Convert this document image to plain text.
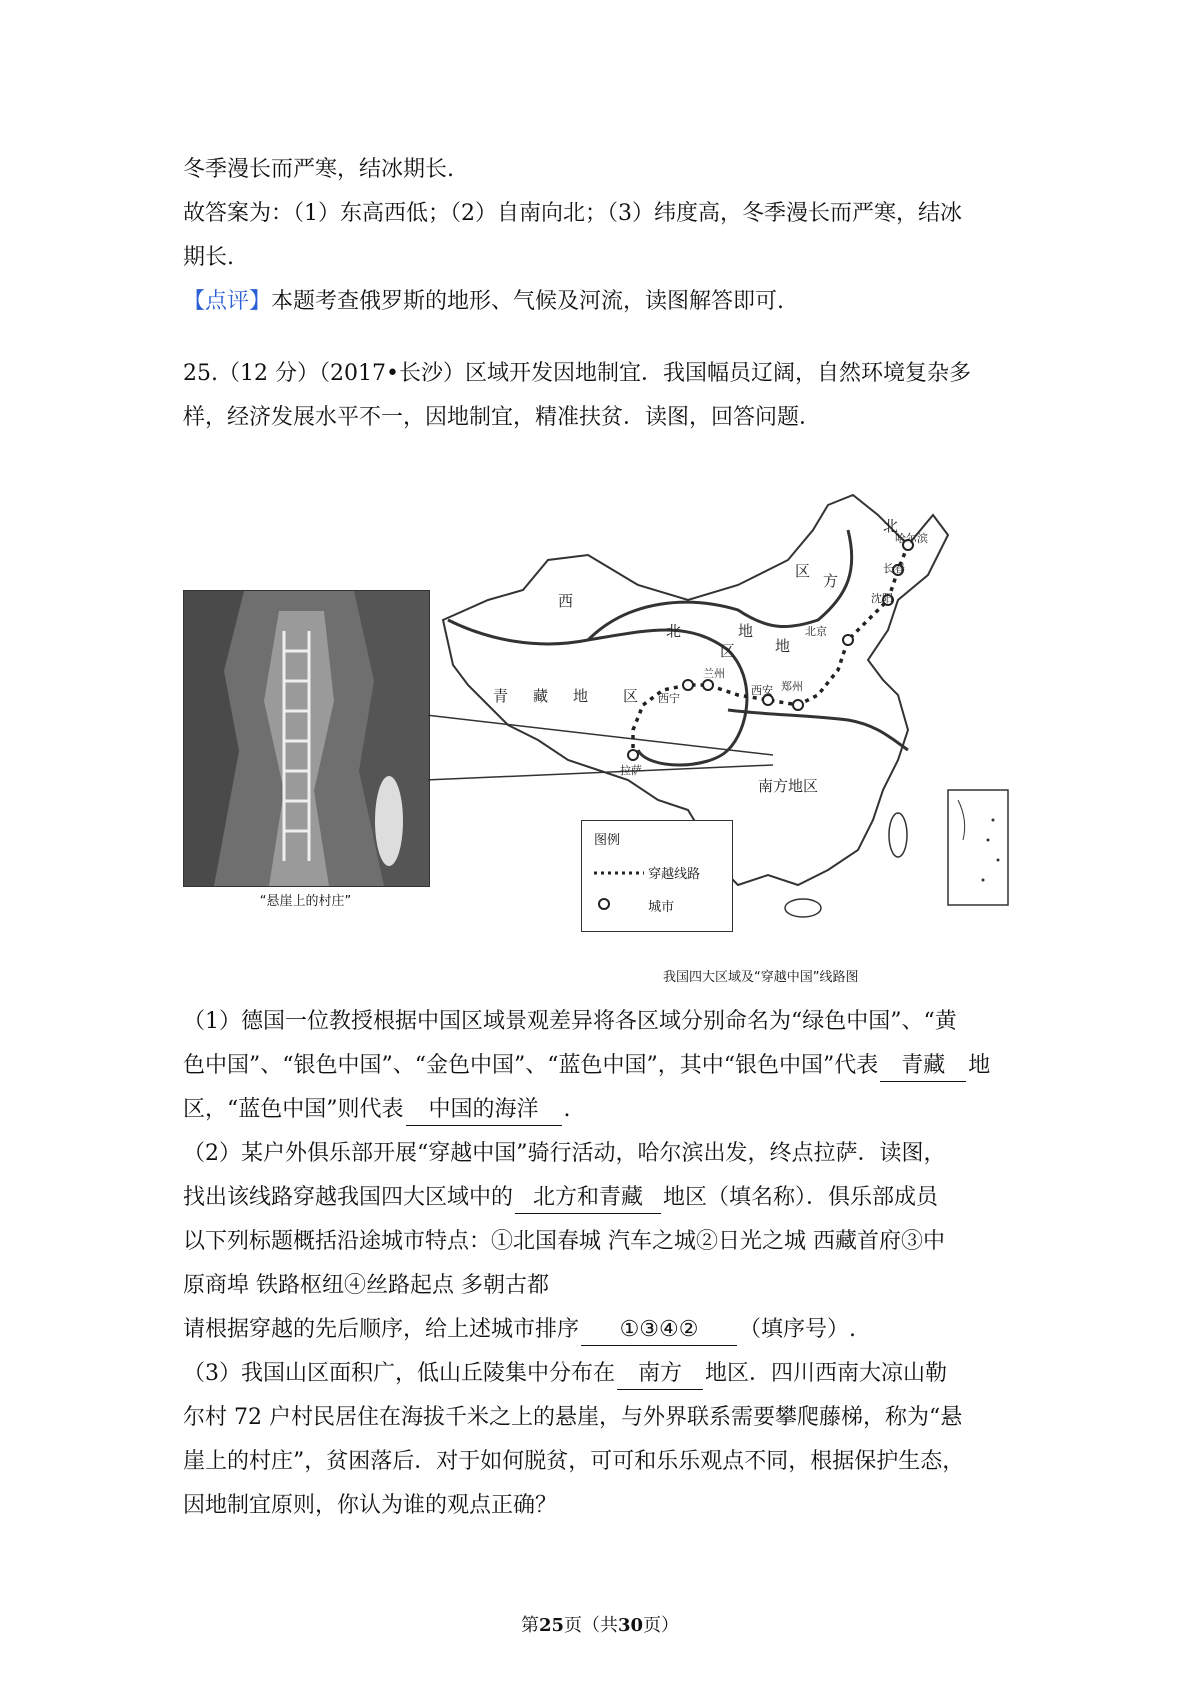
冬季漫长而严寒，结冰期长.
故答案为：（1）东高西低；（2）自南向北；（3）纬度高，冬季漫长而严寒，结冰
期长.
【点评】本题考查俄罗斯的地形、气候及河流，读图解答即可.
25.（12 分）（2017•长沙）区域开发因地制宜．我国幅员辽阔，自然环境复杂多
样，经济发展水平不一，因地制宜，精准扶贫．读图，回答问题．
“悬崖上的村庄”
西
北	地
区
青 藏 地 区
南方地区
北
方
地
区
哈尔滨
长春
沈阳
北京
西宁
兰州
西安 郑州
拉萨
图例
穿越线路
城市
我国四大区域及“穿越中国”线路图
（1）德国一位教授根据中国区域景观差异将各区域分别命名为“绿色中国”、“黄
色中国”、“银色中国”、“金色中国”、“蓝色中国”，其中“银色中国”代表 青藏 地
区，“蓝色中国”则代表 中国的海洋 .
（2）某户外俱乐部开展“穿越中国”骑行活动，哈尔滨出发，终点拉萨．读图，
找出该线路穿越我国四大区域中的 北方和青藏 地区（填名称）．俱乐部成员
以下列标题概括沿途城市特点：①北国春城 汽车之城②日光之城 西藏首府③中
原商埠 铁路枢纽④丝路起点 多朝古都
请根据穿越的先后顺序，给上述城市排序 ①③④② （填序号）.
（3）我国山区面积广，低山丘陵集中分布在 南方 地区．四川西南大凉山勒
尔村 72 户村民居住在海拔千米之上的悬崖，与外界联系需要攀爬藤梯，称为“悬
崖上的村庄”，贫困落后．对于如何脱贫，可可和乐乐观点不同，根据保护生态，
因地制宜原则，你认为谁的观点正确？
第25页（共30页）
